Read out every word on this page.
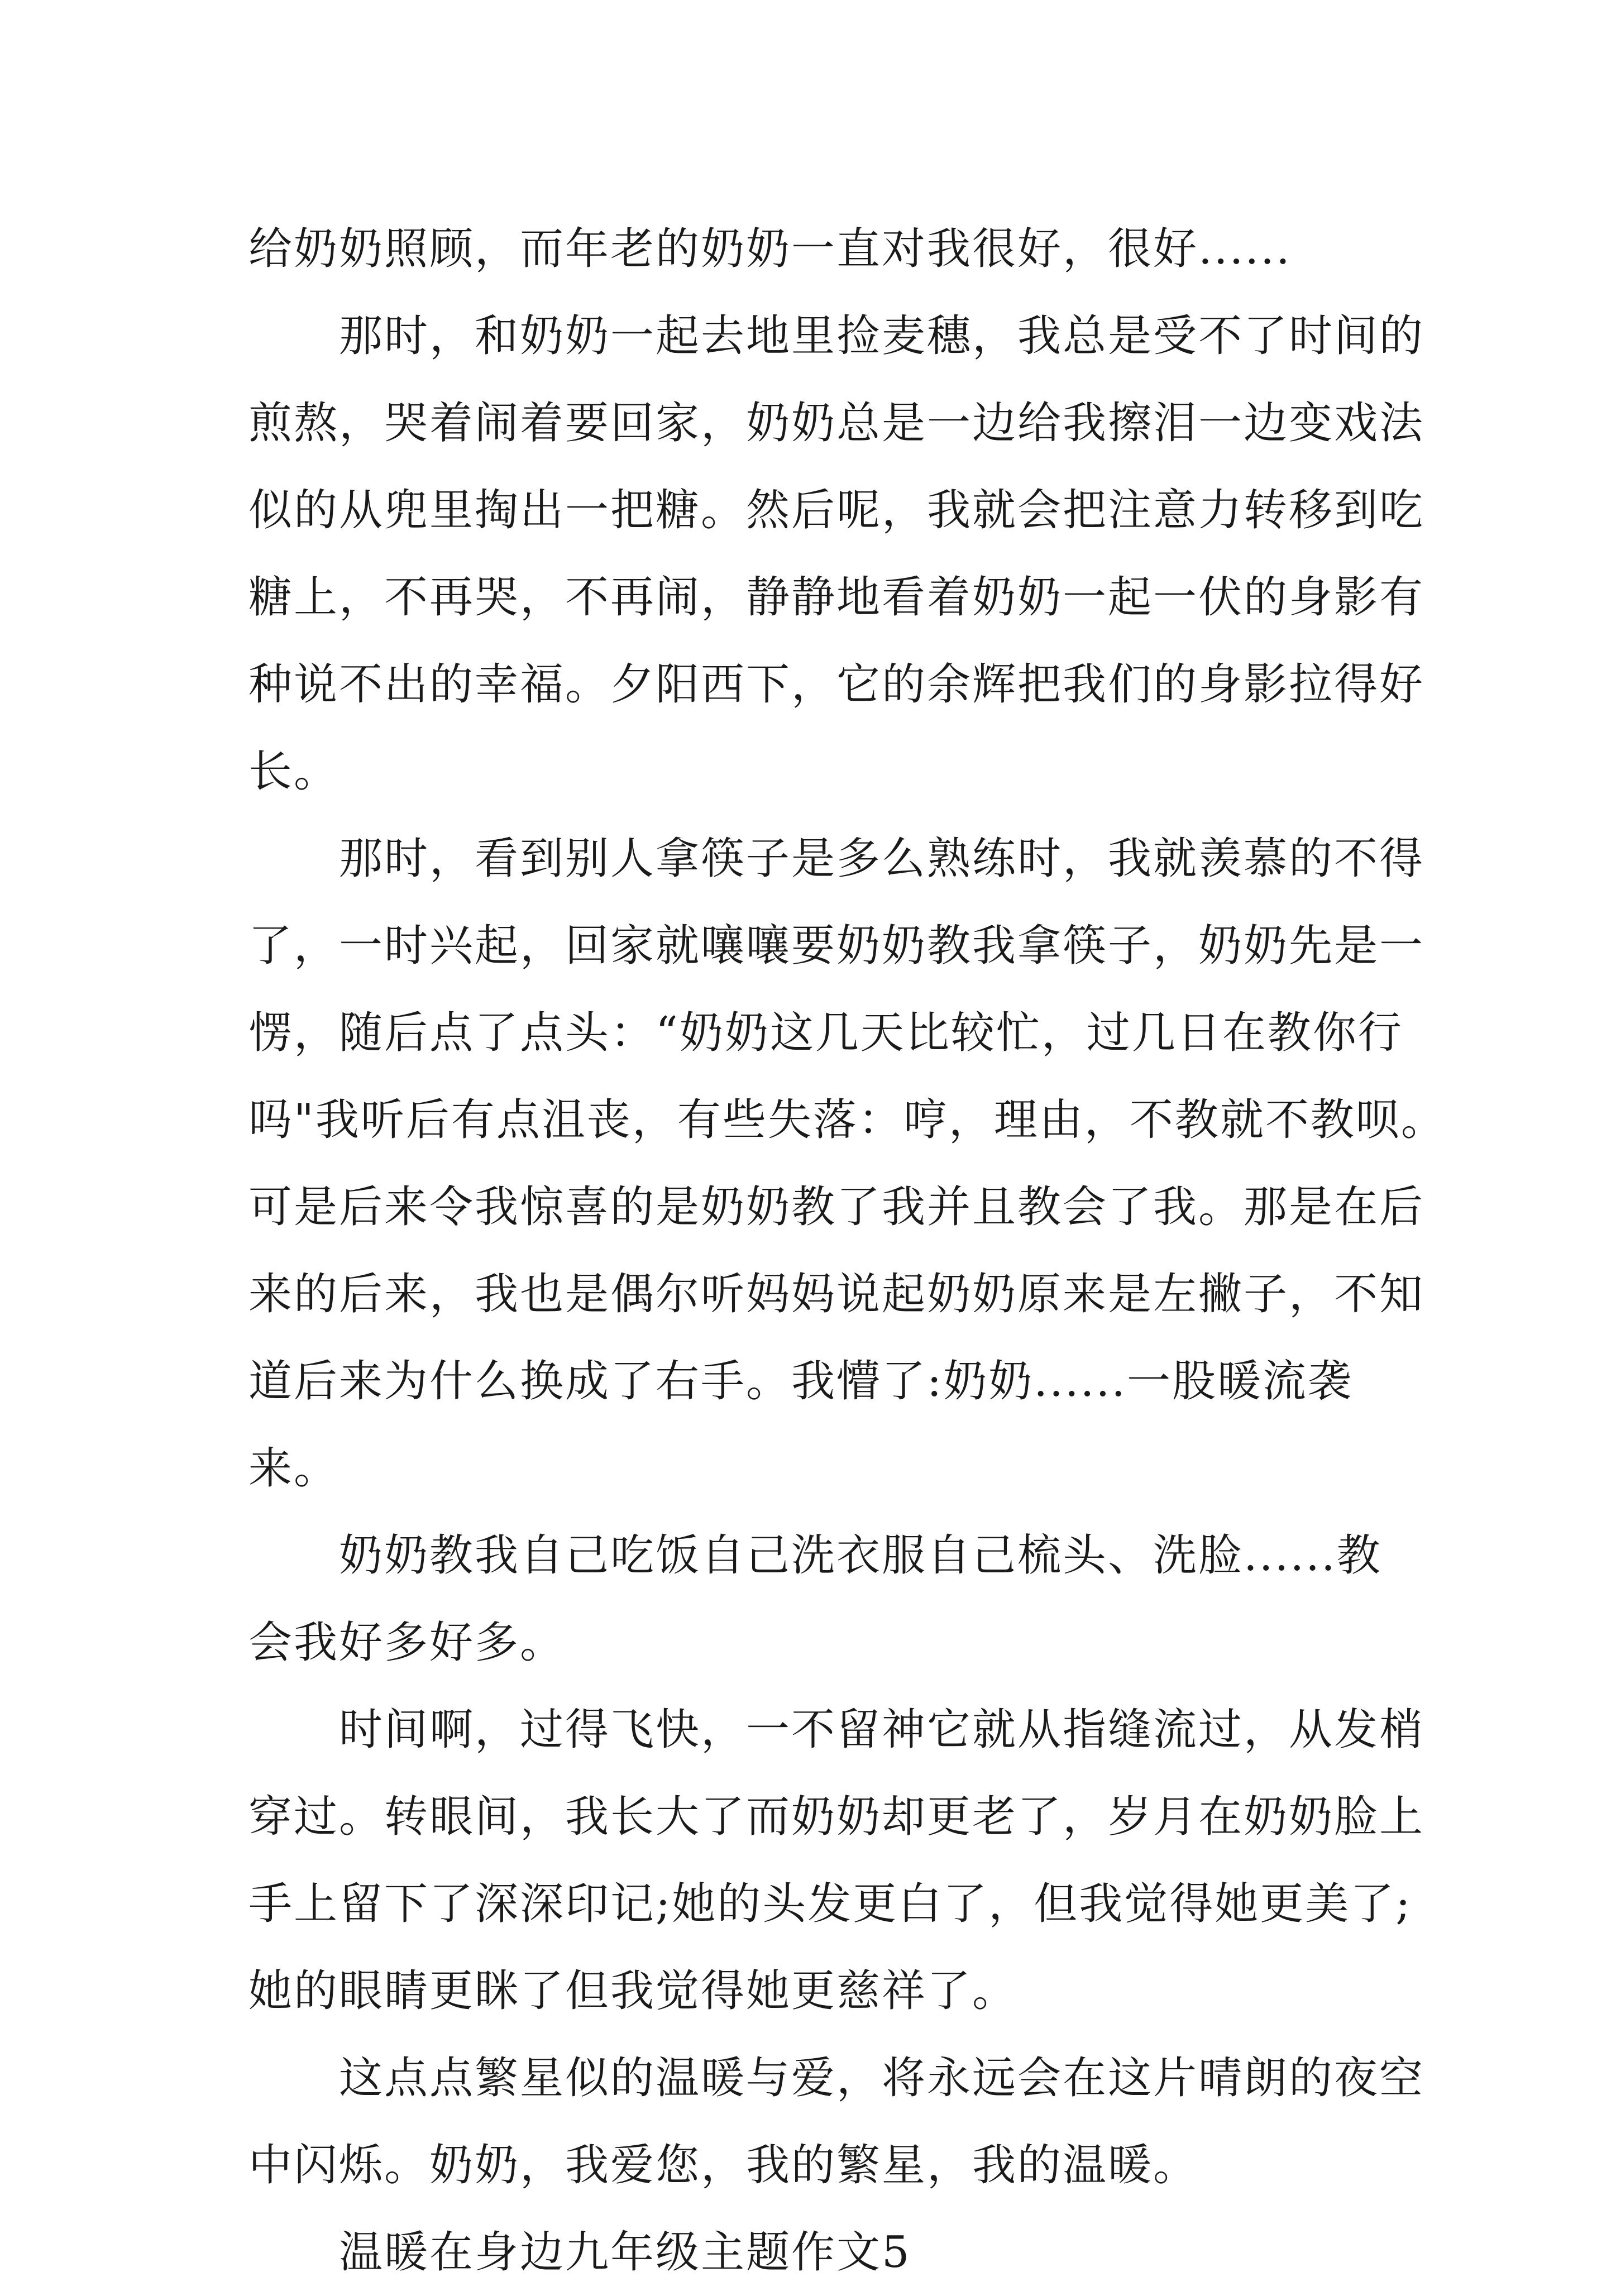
给奶奶照顾，而年老的奶奶一直对我很好，很好......
　　那时，和奶奶一起去地里捡麦穗，我总是受不了时间的
煎熬，哭着闹着要回家，奶奶总是一边给我擦泪一边变戏法
似的从兜里掏出一把糖。然后呢，我就会把注意力转移到吃
糖上，不再哭，不再闹，静静地看着奶奶一起一伏的身影有
种说不出的幸福。夕阳西下，它的余辉把我们的身影拉得好
长。
　　那时，看到别人拿筷子是多么熟练时，我就羡慕的不得
了，一时兴起，回家就嚷嚷要奶奶教我拿筷子，奶奶先是一
愣，随后点了点头：“奶奶这几天比较忙，过几日在教你行
吗"我听后有点沮丧，有些失落：哼，理由，不教就不教呗。
可是后来令我惊喜的是奶奶教了我并且教会了我。那是在后
来的后来，我也是偶尔听妈妈说起奶奶原来是左撇子，不知
道后来为什么换成了右手。我懵了:奶奶......一股暖流袭
来。
　　奶奶教我自己吃饭自己洗衣服自己梳头、洗脸......教
会我好多好多。
　　时间啊，过得飞快，一不留神它就从指缝流过，从发梢
穿过。转眼间，我长大了而奶奶却更老了，岁月在奶奶脸上
手上留下了深深印记;她的头发更白了，但我觉得她更美了;
她的眼睛更眯了但我觉得她更慈祥了。
　　这点点繁星似的温暖与爱，将永远会在这片晴朗的夜空
中闪烁。奶奶，我爱您，我的繁星，我的温暖。
　　温暖在身边九年级主题作文5
